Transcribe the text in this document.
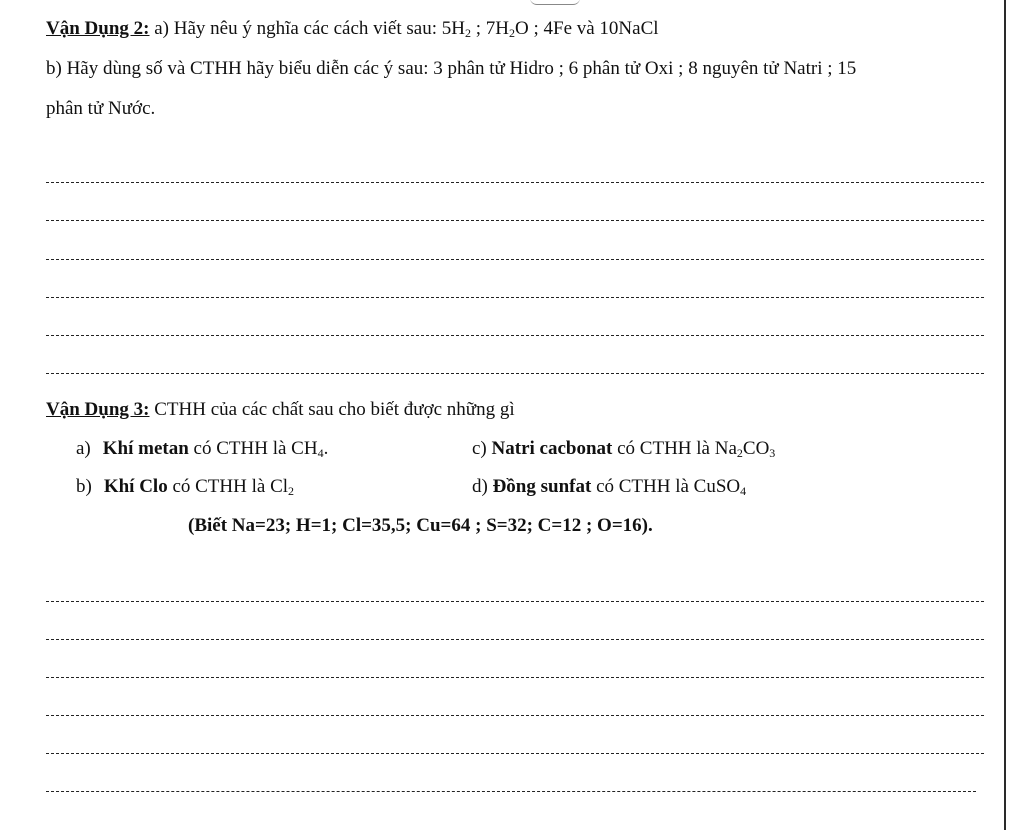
Vận Dụng 2: a) Hãy nêu ý nghĩa các cách viết sau: $5H_2$ ; $7H_2O$ ; 4Fe và 10NaCl
b) Hãy dùng số và CTHH hãy biểu diễn các ý sau: 3 phân tử Hidro ; 6 phân tử Oxi ; 8 nguyên tử Natri ; 15
phân tử Nước.
Vận Dụng 3: CTHH của các chất sau cho biết được những gì
a) Khí metan có CTHH là $CH_4$.	c) Natri cacbonat có CTHH là $Na_2CO_3$
b) Khí Clo có CTHH là $Cl_2$	d) Đồng sunfat có CTHH là CuSO$_4$
(Biết Na=23; H=1; Cl=35,5; Cu=64 ; S=32; C=12 ; O=16).
